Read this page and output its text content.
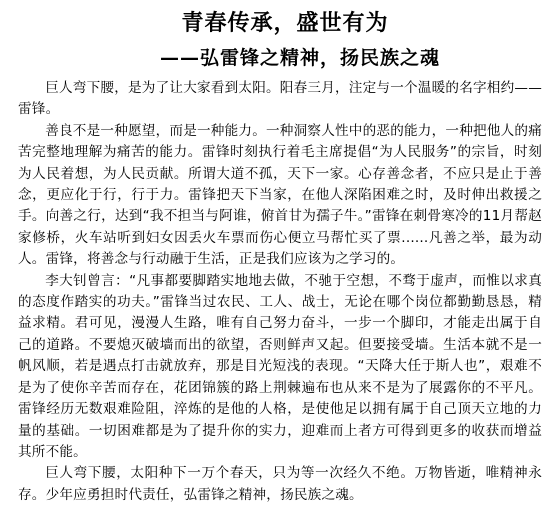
青春传承，盛世有为
——弘雷锋之精神，扬民族之魂

巨人弯下腰，是为了让大家看到太阳。阳春三月，注定与一个温暖的名字相约——雷锋。

善良不是一种愿望，而是一种能力。一种洞察人性中的恶的能力，一种把他人的痛苦完整地理解为痛苦的能力。雷锋时刻执行着毛主席提倡“为人民服务”的宗旨，时刻为人民着想，为人民贡献。所谓大道不孤，天下一家。心存善念者，不应只是止于善念，更应化于行，行于力。雷锋把天下当家，在他人深陷困难之时，及时伸出救援之手。向善之行，达到“我不担当与阿谁，俯首甘为孺子牛。”雷锋在刺骨寒冷的11月帮赵家修桥，火车站听到妇女因丢火车票而伤心便立马帮忙买了票......凡善之举，最为动人。雷锋，将善念与行动融于生活，正是我们应该为之学习的。

李大钊曾言：“凡事都要脚踏实地地去做，不驰于空想，不骛于虚声，而惟以求真的态度作踏实的功夫。”雷锋当过农民、工人、战士，无论在哪个岗位都勤勤恳恳，精益求精。君可见，漫漫人生路，唯有自己努力奋斗，一步一个脚印，才能走出属于自己的道路。不要熄灭破墙而出的欲望，否则鲜声又起。但要接受墙。生活本就不是一帆风顺，若是遇点打击就放弃，那是目光短浅的表现。“天降大任于斯人也”，艰难不是为了使你辛苦而存在，花团锦簇的路上荆棘遍布也从来不是为了展露你的不平凡。雷锋经历无数艰难险阻，淬炼的是他的人格，是使他足以拥有属于自己顶天立地的力量的基础。一切困难都是为了提升你的实力，迎难而上者方可得到更多的收获而增益其所不能。

巨人弯下腰，太阳种下一万个春天，只为等一次经久不绝。万物皆逝，唯精神永存。少年应勇担时代责任，弘雷锋之精神，扬民族之魂。
